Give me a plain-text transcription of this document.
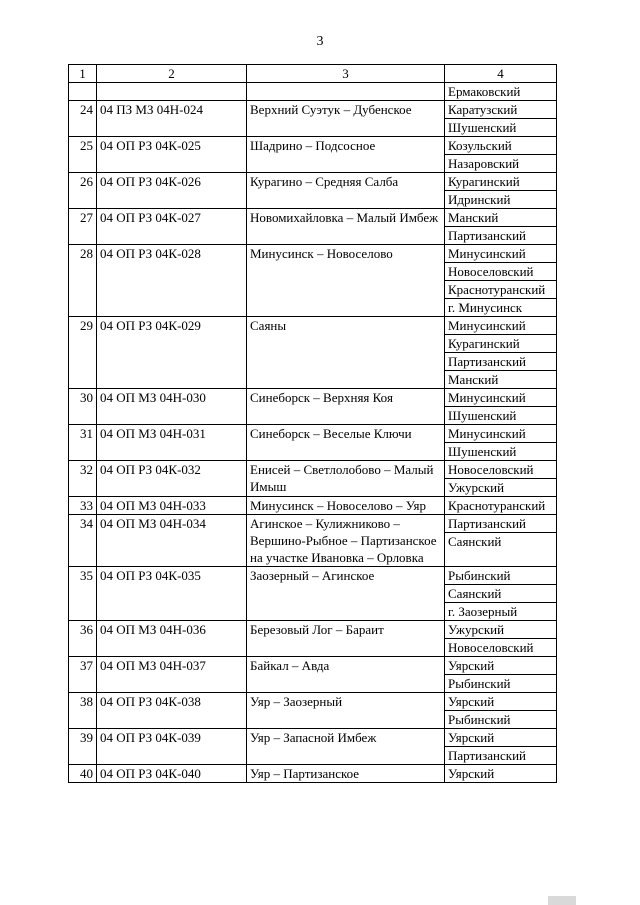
3
1	2	3	4

			Ермаковский

24	04 ПЗ МЗ 04Н-024	Верхний Суэтук – Дубенское	Каратузский
Шушенский

25	04 ОП РЗ 04К-025	Шадрино – Подсосное	Козульский
Назаровский

26	04 ОП РЗ 04К-026	Курагино – Средняя Салба	Курагинский
Идринский

27	04 ОП РЗ 04К-027	Новомихайловка – Малый Имбеж	Манский
Партизанский

28	04 ОП РЗ 04К-028	Минусинск – Новоселово	Минусинский
Новоселовский
Краснотуранский
г. Минусинск

29	04 ОП РЗ 04К-029	Саяны	Минусинский
Курагинский
Партизанский
Манский

30	04 ОП МЗ 04Н-030	Синеборск – Верхняя Коя	Минусинский
Шушенский

31	04 ОП МЗ 04Н-031	Синеборск – Веселые Ключи	Минусинский
Шушенский

32	04 ОП РЗ 04К-032	Енисей – Светлолобово – Малый Имыш	Новоселовский
Ужурский

33	04 ОП МЗ 04Н-033	Минусинск – Новоселово – Уяр	Краснотуранский

34	04 ОП МЗ 04Н-034	Агинское – Кулижниково – Вершино-Рыбное – Партизанское на участке Ивановка – Орловка	Партизанский
Саянский

35	04 ОП РЗ 04К-035	Заозерный – Агинское	Рыбинский
Саянский
г. Заозерный

36	04 ОП МЗ 04Н-036	Березовый Лог – Бараит	Ужурский
Новоселовский

37	04 ОП МЗ 04Н-037	Байкал – Авда	Уярский
Рыбинский

38	04 ОП РЗ 04К-038	Уяр – Заозерный	Уярский
Рыбинский

39	04 ОП РЗ 04К-039	Уяр – Запасной Имбеж	Уярский
Партизанский

40	04 ОП РЗ 04К-040	Уяр – Партизанское	Уярский
